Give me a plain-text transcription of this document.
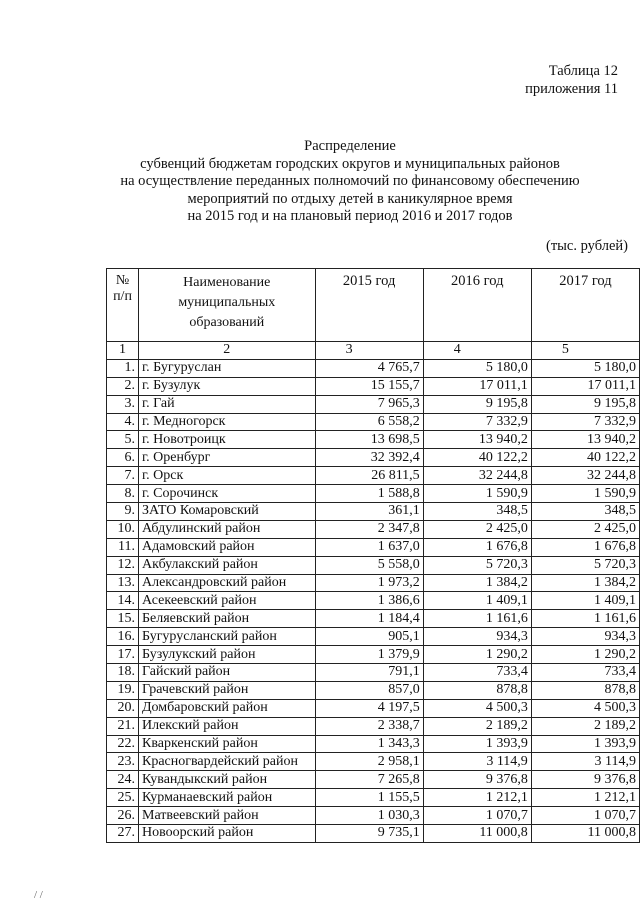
Таблица 12
приложения 11
Распределение
субвенций бюджетам городских округов и муниципальных районов
на осуществление переданных полномочий по финансовому обеспечению
мероприятий по отдыху детей в каникулярное время
на 2015 год и на плановый период 2016 и 2017 годов
(тыс. рублей)
№
п/п	Наименование муниципальных образований	2015 год	2016 год	2017 год
1	2	3	4	5
1.	г. Бугуруслан	4 765,7	5 180,0	5 180,0
2.	г. Бузулук	15 155,7	17 011,1	17 011,1
3.	г. Гай	7 965,3	9 195,8	9 195,8
4.	г. Медногорск	6 558,2	7 332,9	7 332,9
5.	г. Новотроицк	13 698,5	13 940,2	13 940,2
6.	г. Оренбург	32 392,4	40 122,2	40 122,2
7.	г. Орск	26 811,5	32 244,8	32 244,8
8.	г. Сорочинск	1 588,8	1 590,9	1 590,9
9.	ЗАТО Комаровский	361,1	348,5	348,5
10.	Абдулинский район	2 347,8	2 425,0	2 425,0
11.	Адамовский район	1 637,0	1 676,8	1 676,8
12.	Акбулакский район	5 558,0	5 720,3	5 720,3
13.	Александровский район	1 973,2	1 384,2	1 384,2
14.	Асекеевский район	1 386,6	1 409,1	1 409,1
15.	Беляевский район	1 184,4	1 161,6	1 161,6
16.	Бугурусланский район	905,1	934,3	934,3
17.	Бузулукский район	1 379,9	1 290,2	1 290,2
18.	Гайский район	791,1	733,4	733,4
19.	Грачевский район	857,0	878,8	878,8
20.	Домбаровский район	4 197,5	4 500,3	4 500,3
21.	Илекский район	2 338,7	2 189,2	2 189,2
22.	Кваркенский район	1 343,3	1 393,9	1 393,9
23.	Красногвардейский район	2 958,1	3 114,9	3 114,9
24.	Кувандыкский район	7 265,8	9 376,8	9 376,8
25.	Курманаевский район	1 155,5	1 212,1	1 212,1
26.	Матвеевский район	1 030,3	1 070,7	1 070,7
27.	Новоорский район	9 735,1	11 000,8	11 000,8
/ /
